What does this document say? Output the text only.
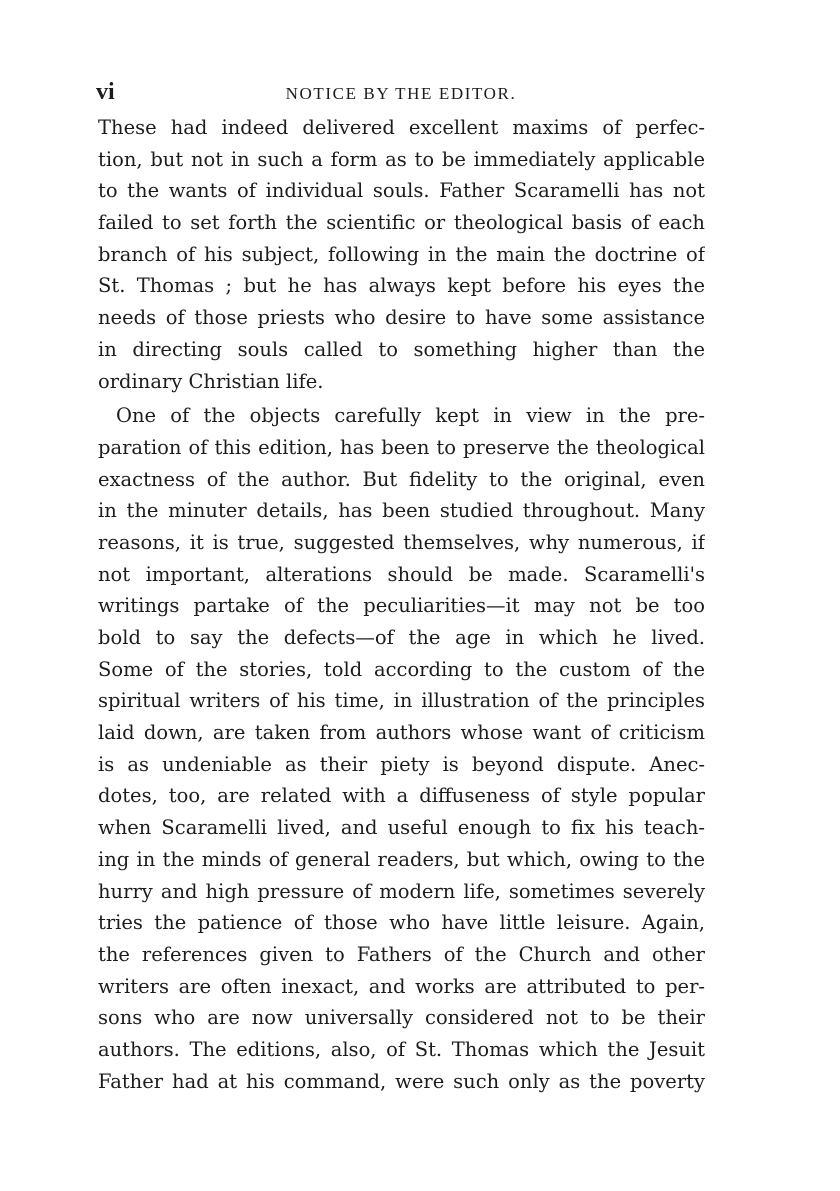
vi	NOTICE BY THE EDITOR.
These had indeed delivered excellent maxims of perfec-
tion, but not in such a form as to be immediately applicable
to the wants of individual souls. Father Scaramelli has not
failed to set forth the scientific or theological basis of each
branch of his subject, following in the main the doctrine of
St. Thomas ; but he has always kept before his eyes the
needs of those priests who desire to have some assistance
in directing souls called to something higher than the
ordinary Christian life.
One of the objects carefully kept in view in the pre-
paration of this edition, has been to preserve the theological
exactness of the author. But fidelity to the original, even
in the minuter details, has been studied throughout. Many
reasons, it is true, suggested themselves, why numerous, if
not important, alterations should be made. Scaramelli's
writings partake of the peculiarities—it may not be too
bold to say the defects—of the age in which he lived.
Some of the stories, told according to the custom of the
spiritual writers of his time, in illustration of the principles
laid down, are taken from authors whose want of criticism
is as undeniable as their piety is beyond dispute. Anec-
dotes, too, are related with a diffuseness of style popular
when Scaramelli lived, and useful enough to fix his teach-
ing in the minds of general readers, but which, owing to the
hurry and high pressure of modern life, sometimes severely
tries the patience of those who have little leisure. Again,
the references given to Fathers of the Church and other
writers are often inexact, and works are attributed to per-
sons who are now universally considered not to be their
authors. The editions, also, of St. Thomas which the Jesuit
Father had at his command, were such only as the poverty
